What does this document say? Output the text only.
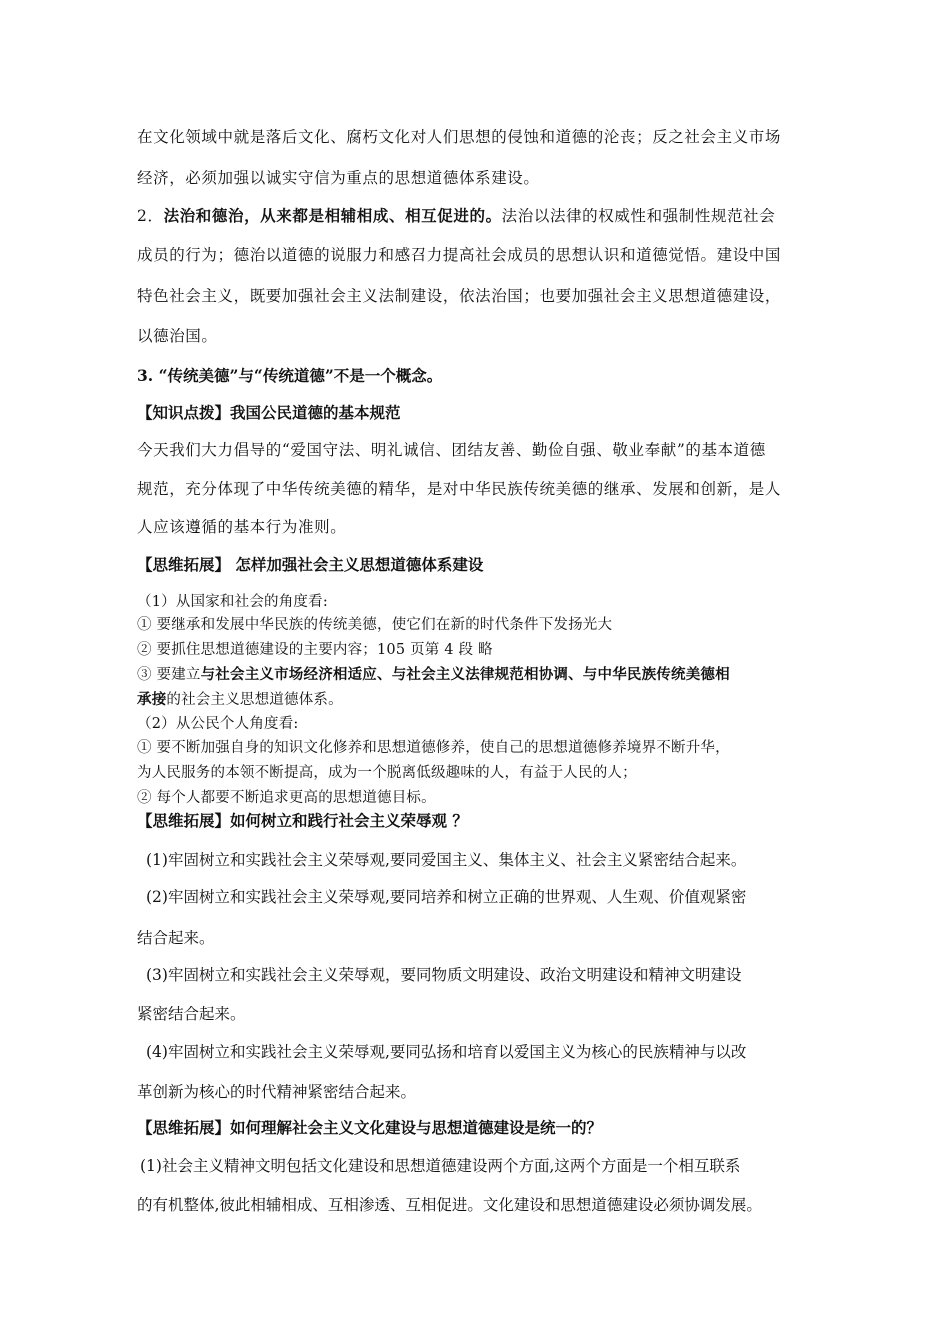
在文化领域中就是落后文化、腐朽文化对人们思想的侵蚀和道德的沦丧；反之社会主义市场
经济，必须加强以诚实守信为重点的思想道德体系建设。
2．法治和德治，从来都是相辅相成、相互促进的。法治以法律的权威性和强制性规范社会
成员的行为；德治以道德的说服力和感召力提高社会成员的思想认识和道德觉悟。建设中国
特色社会主义，既要加强社会主义法制建设，依法治国；也要加强社会主义思想道德建设，
以德治国。
3. “传统美德”与“传统道德”不是一个概念。
【知识点拨】我国公民道德的基本规范
今天我们大力倡导的“爱国守法、明礼诚信、团结友善、勤俭自强、敬业奉献”的基本道德
规范，充分体现了中华传统美德的精华，是对中华民族传统美德的继承、发展和创新，是人
人应该遵循的基本行为准则。
【思维拓展】 怎样加强社会主义思想道德体系建设
（1）从国家和社会的角度看:
① 要继承和发展中华民族的传统美德，使它们在新的时代条件下发扬光大
② 要抓住思想道德建设的主要内容；105 页第 4 段 略
③ 要建立与社会主义市场经济相适应、与社会主义法律规范相协调、与中华民族传统美德相
承接的社会主义思想道德体系。
（2）从公民个人角度看:
① 要不断加强自身的知识文化修养和思想道德修养，使自己的思想道德修养境界不断升华，
为人民服务的本领不断提高，成为一个脱离低级趣味的人，有益于人民的人；
② 每个人都要不断追求更高的思想道德目标。
【思维拓展】如何树立和践行社会主义荣辱观 ？
(1)牢固树立和实践社会主义荣辱观,要同爱国主义、集体主义、社会主义紧密结合起来。
(2)牢固树立和实践社会主义荣辱观,要同培养和树立正确的世界观、人生观、价值观紧密
结合起来。
(3)牢固树立和实践社会主义荣辱观，要同物质文明建设、政治文明建设和精神文明建设
紧密结合起来。
(4)牢固树立和实践社会主义荣辱观,要同弘扬和培育以爱国主义为核心的民族精神与以改
革创新为核心的时代精神紧密结合起来。
【思维拓展】如何理解社会主义文化建设与思想道德建设是统一的？
(1)社会主义精神文明包括文化建设和思想道德建设两个方面,这两个方面是一个相互联系
的有机整体,彼此相辅相成、互相渗透、互相促进。文化建设和思想道德建设必须协调发展。
